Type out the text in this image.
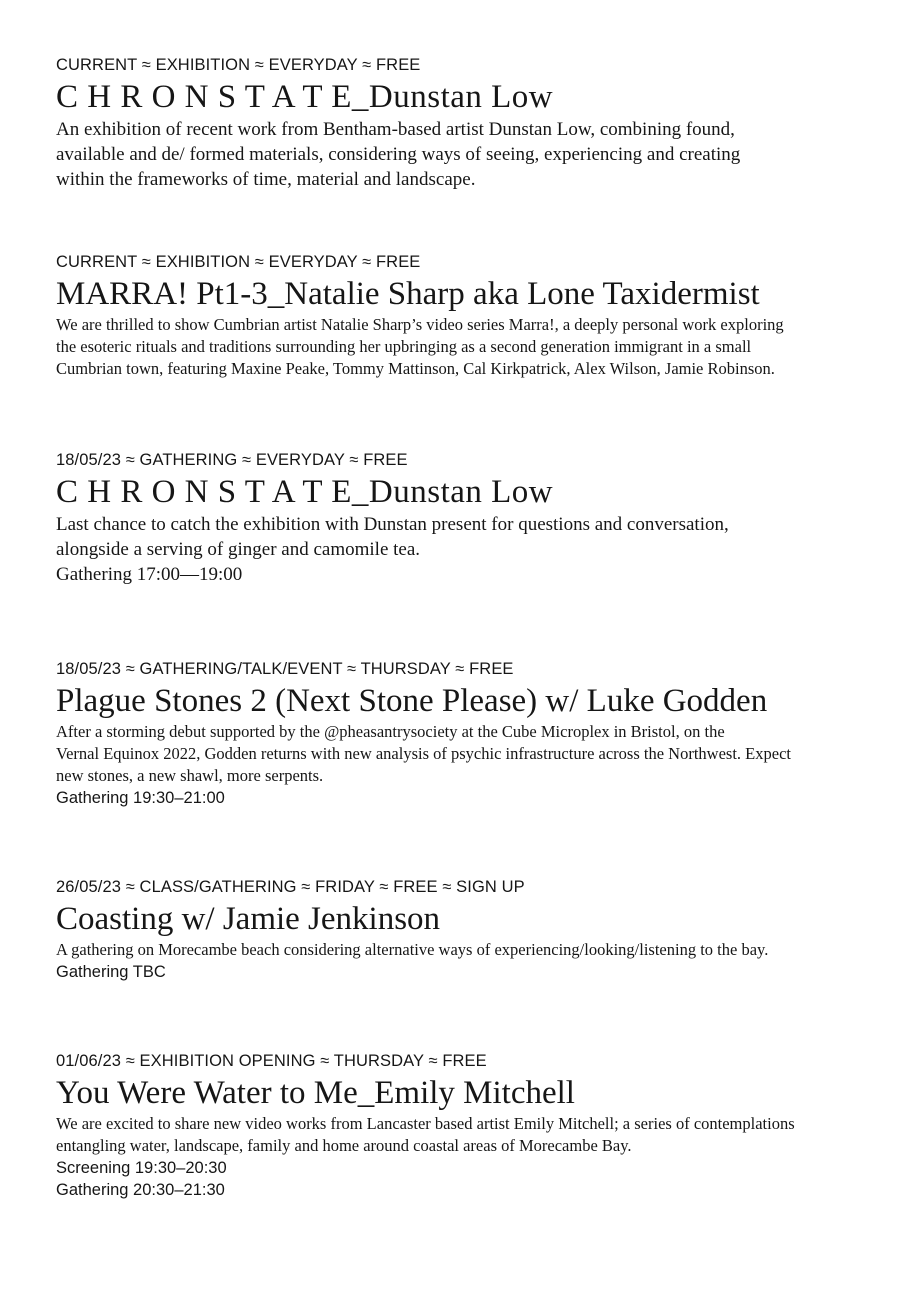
CURRENT ≈ EXHIBITION ≈ EVERYDAY ≈ FREE

C H R O N S T A T E_Dunstan Low
An exhibition of recent work from Bentham-based artist Dunstan Low, combining found,
available and de/ formed materials, considering ways of seeing, experiencing and creating
within the frameworks of time, material and landscape.

CURRENT ≈ EXHIBITION ≈ EVERYDAY ≈ FREE

MARRA! Pt1-3_Natalie Sharp aka Lone Taxidermist
We are thrilled to show Cumbrian artist Natalie Sharp’s video series Marra!, a deeply personal work exploring
the esoteric rituals and traditions surrounding her upbringing as a second generation immigrant in a small
Cumbrian town, featuring Maxine Peake, Tommy Mattinson, Cal Kirkpatrick, Alex Wilson, Jamie Robinson.

18/05/23 ≈ GATHERING ≈ EVERYDAY ≈ FREE

C H R O N S T A T E_Dunstan Low
Last chance to catch the exhibition with Dunstan present for questions and conversation,
alongside a serving of ginger and camomile tea.
Gathering 17:00—19:00

18/05/23 ≈ GATHERING/TALK/EVENT ≈ THURSDAY ≈ FREE

Plague Stones 2 (Next Stone Please) w/ Luke Godden
After a storming debut supported by the @pheasantrysociety at the Cube Microplex in Bristol, on the
Vernal Equinox 2022, Godden returns with new analysis of psychic infrastructure across the Northwest. Expect
new stones, a new shawl, more serpents.
Gathering 19:30–21:00

26/05/23 ≈ CLASS/GATHERING ≈ FRIDAY ≈ FREE ≈ SIGN UP

Coasting w/ Jamie Jenkinson
A gathering on Morecambe beach considering alternative ways of experiencing/looking/listening to the bay.
Gathering TBC

01/06/23 ≈ EXHIBITION OPENING ≈ THURSDAY ≈ FREE

You Were Water to Me_Emily Mitchell
We are excited to share new video works from Lancaster based artist Emily Mitchell; a series of contemplations
entangling water, landscape, family and home around coastal areas of Morecambe Bay.
Screening 19:30–20:30
Gathering 20:30–21:30
